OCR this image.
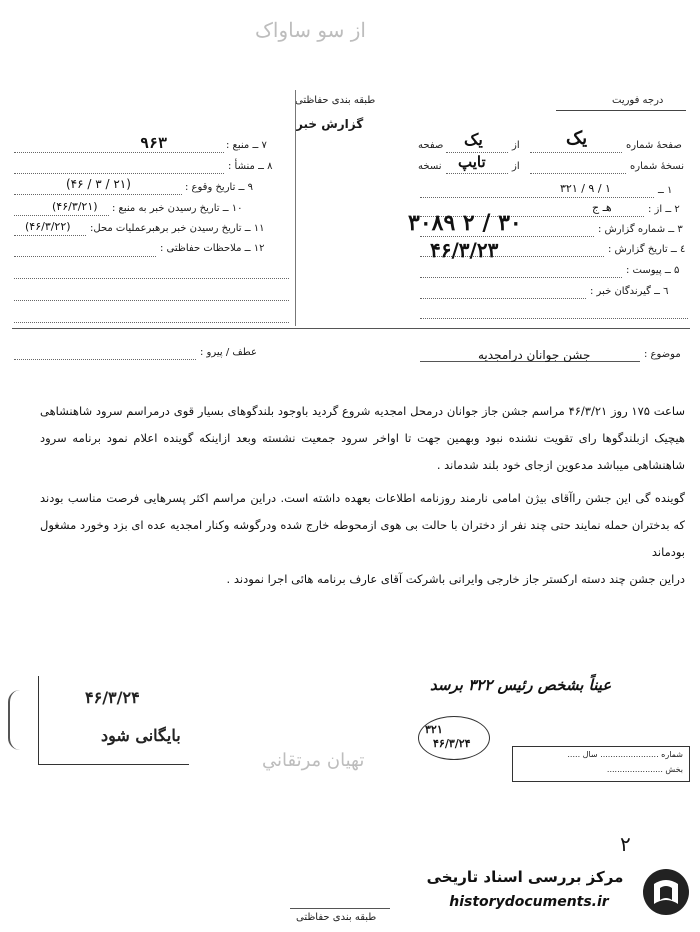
از سو ساواک
طبقه بندی حفاظتی	درجه فوریت
گزارش خبر
۷ ــ منبع :
۹۶۳
۸ ــ منشأ :
۹ ــ تاریخ وقوع :
(۴۶ / ۳ / ۲۱)
۱۰ ــ تاریخ رسیدن خبر به منبع :
(۴۶/۳/۲۱)
۱۱ ــ تاریخ رسیدن خبر برهبرعملیات محل:
(۴۶/۳/۲۲)
۱۲ ــ ملاحظات حفاظتی :
صفحهٔ شماره
یک
از
یک
صفحه
نسخهٔ شماره
از
تایپ
نسخه
۱ ــ
۳۲۱ / ۹ / ۱
۲ ــ از :
هـ ج
۳ ــ شماره گزارش :
۳۰۸۹ ۲ / ۳۰
٤ ــ تاریخ گزارش :
۴۶/۳/۲۳
۵ ــ پیوست :
٦ ــ گیرندگان خبر :
عطف / پیرو :	موضوع :
جشن جوانان درامجدیه
ساعت ۱۷۵ روز ۴۶/۳/۲۱ مراسم جشن جاز جوانان درمحل امجدیه شروع گردید باوجود بلندگوهای بسیار قوی درمراسم سرود شاهنشاهی هیچیک ازبلندگوها رای تقویت نشنده نبود وبهمین جهت تا اواخر سرود جمعیت نشسته وبعد ازاینکه گوینده اعلام نمود برنامه سرود شاهنشاهی میباشد مدعوین ازجای خود بلند شدماند .
گوینده گی این جشن راآقای بیژن امامی نارمند روزنامه اطلاعات بعهده داشته است. دراین مراسم اکثر پسرهایی فرصت مناسب بودند که بدختران حمله نمایند حتی چند نفر از دختران با حالت بی هوی ازمحوطه خارج شده ودرگوشه وکنار امجدیه عده ای بزد وخورد مشغول بودماند
دراین جشن چند دسته ارکستر جاز خارجی وایرانی باشرکت آقای عارف برنامه هائی اجرا نمودند .
عیناً بشخص رئیس ۳۲۲ برسد
۳۲۱
۴۶/۳/۲۴
۴۶/۳/۲۴
بایگانی شود
تهيان مرتقاني	شماره ....................... سال .....
بخش ......................
۲
مرکز بررسی اسناد تاریخی
historydocuments.ir
طبقه بندی حفاظتی
